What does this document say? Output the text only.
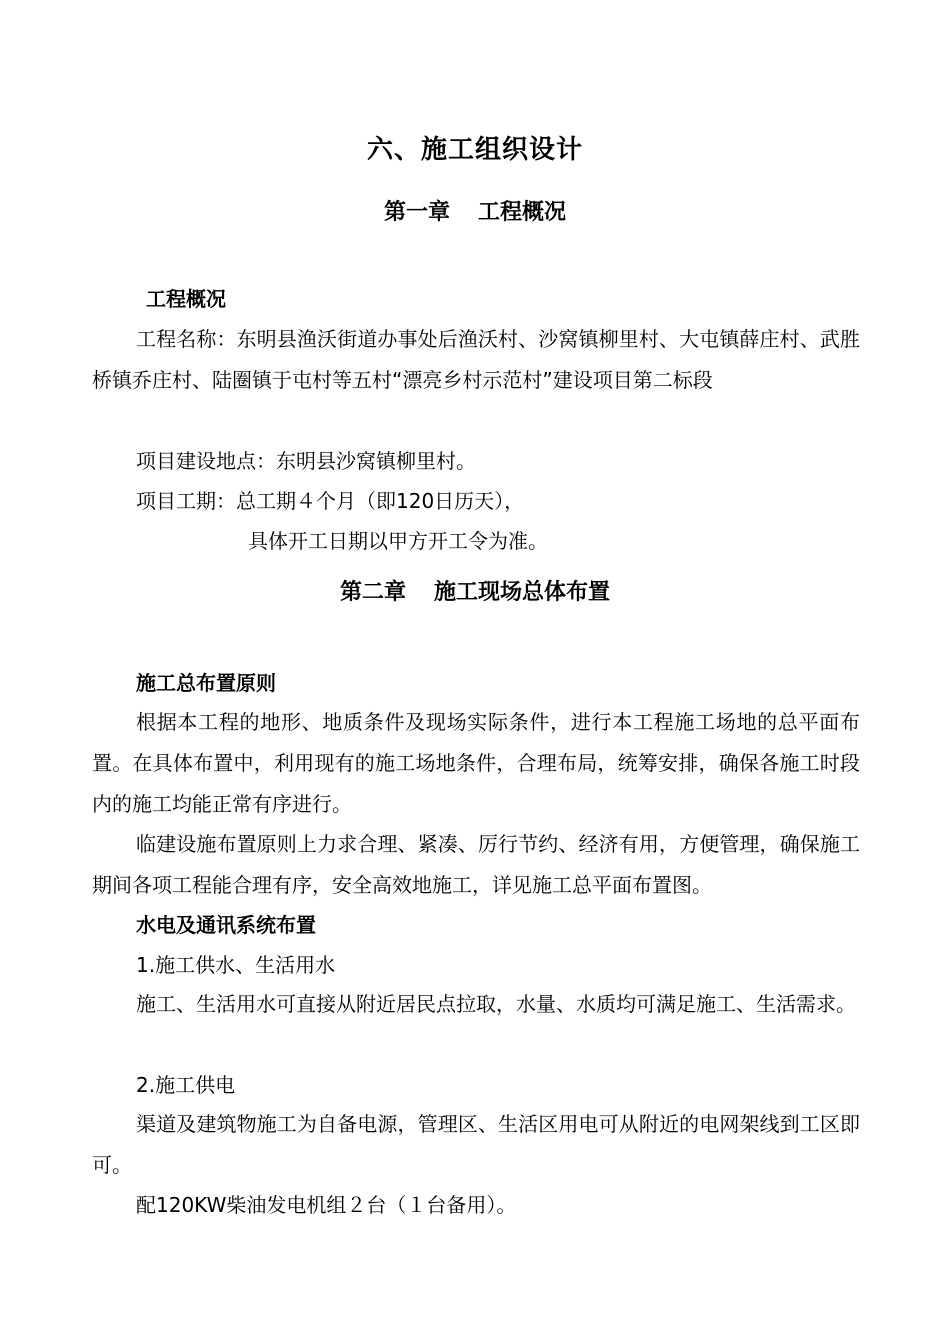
六、施工组织设计
第一章 工程概况
工程概况
工程名称：东明县渔沃街道办事处后渔沃村、沙窝镇柳里村、大屯镇薛庄村、武胜桥镇乔庄村、陆圈镇于屯村等五村“漂亮乡村示范村”建设项目第二标段
项目建设地点：东明县沙窝镇柳里村。
项目工期：总工期４个月（即120日历天），
具体开工日期以甲方开工令为准。
第二章 施工现场总体布置
施工总布置原则
根据本工程的地形、地质条件及现场实际条件，进行本工程施工场地的总平面布置。在具体布置中，利用现有的施工场地条件，合理布局，统筹安排，确保各施工时段内的施工均能正常有序进行。
临建设施布置原则上力求合理、紧凑、厉行节约、经济有用，方便管理，确保施工期间各项工程能合理有序，安全高效地施工，详见施工总平面布置图。
水电及通讯系统布置
1.施工供水、生活用水
施工、生活用水可直接从附近居民点拉取，水量、水质均可满足施工、生活需求。
2.施工供电
渠道及建筑物施工为自备电源，管理区、生活区用电可从附近的电网架线到工区即可。
配120KW柴油发电机组２台（１台备用）。
